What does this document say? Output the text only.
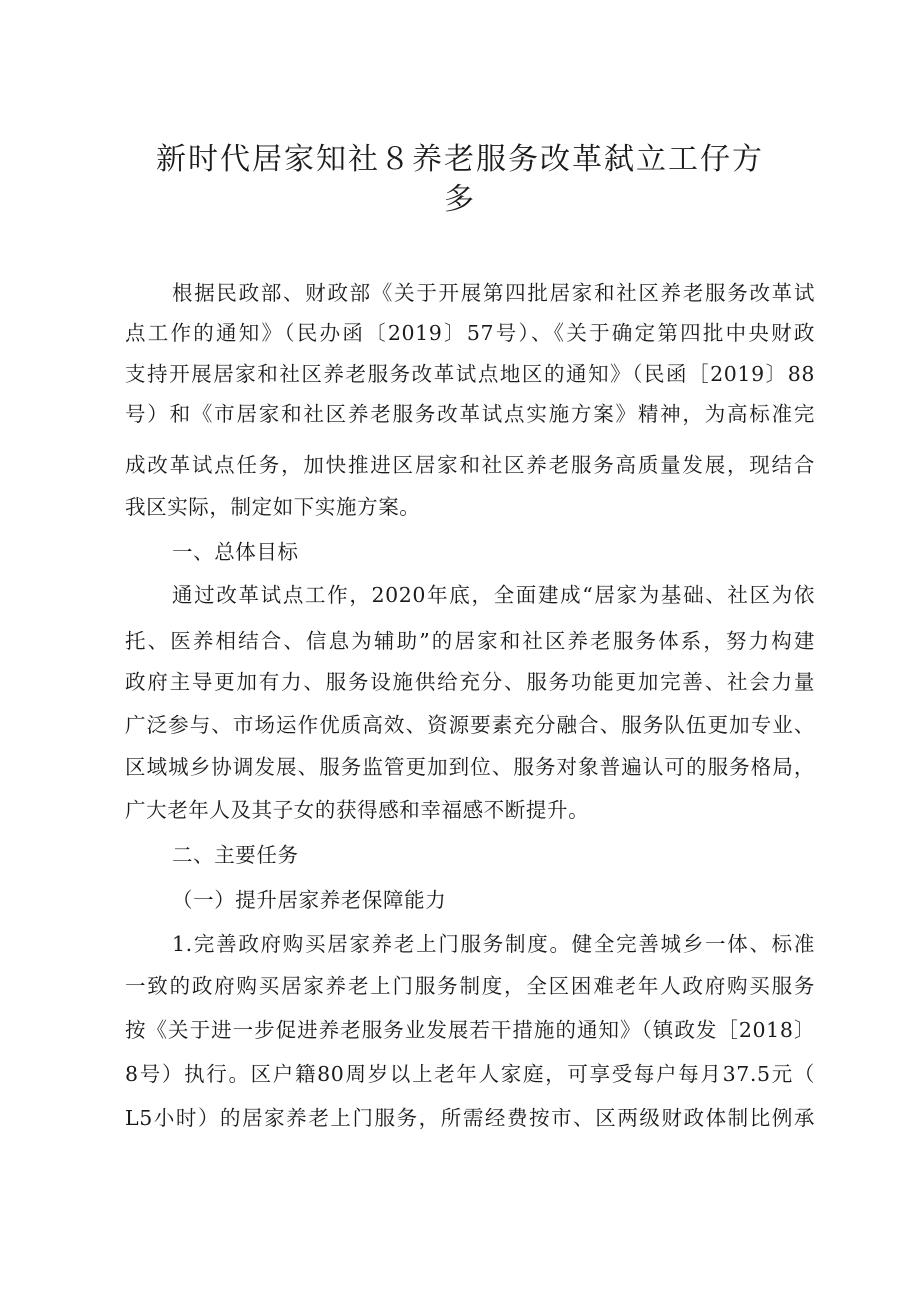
新时代居家知社８养老服务改革弑立工仔方
多
根据民政部、财政部《关于开展第四批居家和社区养老服务改革试
点工作的通知》（民办函〔2019〕57号）、《关于确定第四批中央财政
支持开展居家和社区养老服务改革试点地区的通知》（民函［2019〕88
号）和《市居家和社区养老服务改革试点实施方案》精神，为高标准完
成改革试点任务，加快推进区居家和社区养老服务高质量发展，现结合
我区实际，制定如下实施方案。
一、总体目标
通过改革试点工作，2020年底，全面建成“居家为基础、社区为依
托、医养相结合、信息为辅助”的居家和社区养老服务体系，努力构建
政府主导更加有力、服务设施供给充分、服务功能更加完善、社会力量
广泛参与、市场运作优质高效、资源要素充分融合、服务队伍更加专业、
区域城乡协调发展、服务监管更加到位、服务对象普遍认可的服务格局，
广大老年人及其子女的获得感和幸福感不断提升。
二、主要任务
（一）提升居家养老保障能力
1.完善政府购买居家养老上门服务制度。健全完善城乡一体、标准
一致的政府购买居家养老上门服务制度，全区困难老年人政府购买服务
按《关于进一步促进养老服务业发展若干措施的通知》（镇政发［2018〕
8号）执行。区户籍80周岁以上老年人家庭，可享受每户每月37.5元（
L5小时）的居家养老上门服务，所需经费按市、区两级财政体制比例承
